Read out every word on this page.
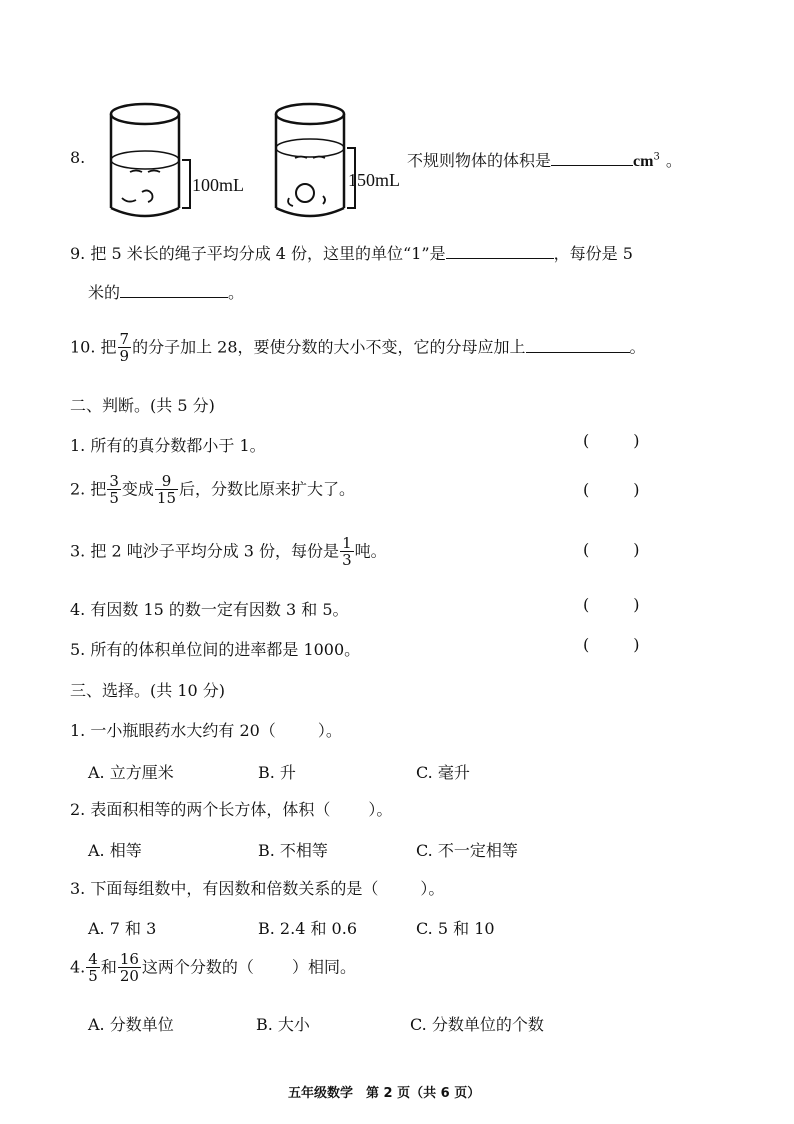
8.
100mL	150mL
不规则物体的体积是	$cm^3$ 。
9. 把 5 米长的绳子平均分成 4 份，这里的单位“1”是	，每份是 5
米的	。
10. 把 $\frac{7}{9}$ 的分子加上 28，要使分数的大小不变，它的分母应加上	。
二、判断。(共 5 分)
1. 所有的真分数都小于 1。	(	)
2. 把 $\frac{3}{5}$ 变成 $\frac{9}{15}$ 后，分数比原来扩大了。	(	)
3. 把 2 吨沙子平均分成 3 份，每份是 $\frac{1}{3}$ 吨。	(	)
4. 有因数 15 的数一定有因数 3 和 5。	(	)
5. 所有的体积单位间的进率都是 1000。	(	)
三、选择。(共 10 分)
1. 一小瓶眼药水大约有 20（	）。
A. 立方厘米	B. 升	C. 毫升
2. 表面积相等的两个长方体，体积（ ）。
A. 相等	B. 不相等	C. 不一定相等
3. 下面每组数中，有因数和倍数关系的是（	）。
A. 7 和 3	B. 2.4 和 0.6	C. 5 和 10
4. $\frac{4}{5}$ 和 $\frac{16}{20}$ 这两个分数的（ ）相同。
A. 分数单位	B. 大小	C. 分数单位的个数
五年级数学　第 2 页（共 6 页）
